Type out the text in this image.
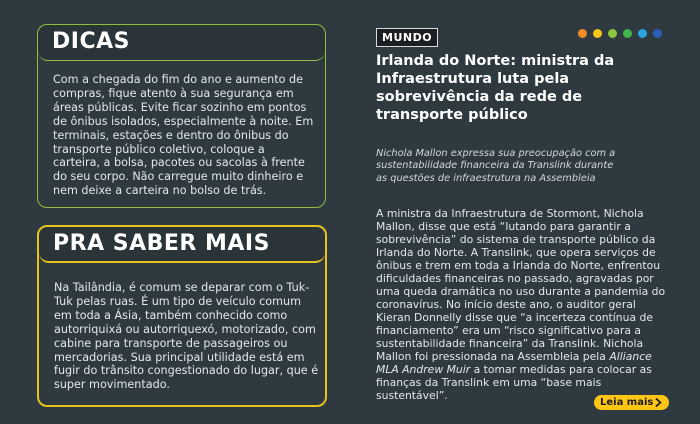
DICAS
Com a chegada do fim do ano e aumento de compras, fique atento à sua segurança em áreas públicas. Evite ficar sozinho em pontos de ônibus isolados, especialmente à noite. Em terminais, estações e dentro do ônibus do transporte público coletivo, coloque a carteira, a bolsa, pacotes ou sacolas à frente do seu corpo. Não carregue muito dinheiro e nem deixe a carteira no bolso de trás.
PRA SABER MAIS
Na Tailândia, é comum se deparar com o Tuk-Tuk pelas ruas. É um tipo de veículo comum em toda a Ásia, também conhecido como autorriquixá ou autorriquexó, motorizado, com cabine para transporte de passageiros ou mercadorias. Sua principal utilidade está em fugir do trânsito congestionado do lugar, que é super movimentado.
MUNDO
Irlanda do Norte: ministra da Infraestrutura luta pela sobrevivência da rede de transporte público
Nichola Mallon expressa sua preocupação com a sustentabilidade financeira da Translink durante as questões de infraestrutura na Assembleia
A ministra da Infraestrutura de Stormont, Nichola Mallon, disse que está “lutando para garantir a sobrevivência” do sistema de transporte público da Irlanda do Norte. A Translink, que opera serviços de ônibus e trem em toda a Irlanda do Norte, enfrentou dificuldades financeiras no passado, agravadas por uma queda dramática no uso durante a pandemia do coronavírus. No início deste ano, o auditor geral Kieran Donnelly disse que “a incerteza contínua de financiamento” era um “risco significativo para a sustentabilidade financeira” da Translink. Nichola Mallon foi pressionada na Assembleia pela Alliance MLA Andrew Muir a tomar medidas para colocar as finanças da Translink em uma “base mais sustentável”.
Leia mais
